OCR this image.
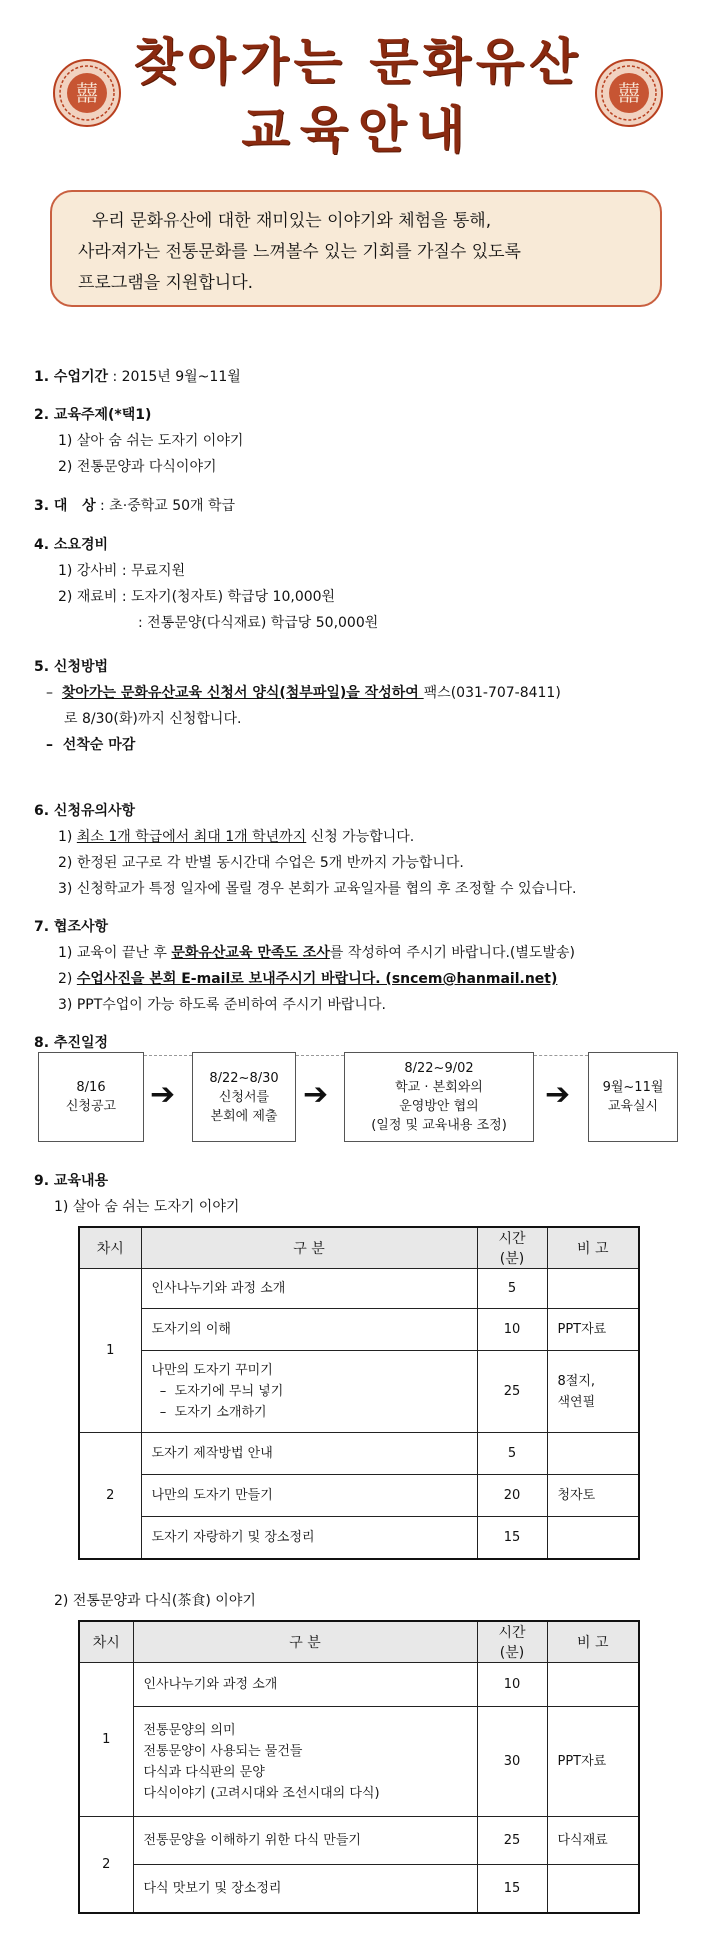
囍	囍
찾아가는 문화유산
교육안내
우리 문화유산에 대한 재미있는 이야기와 체험을 통해,
사라져가는 전통문화를 느껴볼수 있는 기회를 가질수 있도록
프로그램을 지원합니다.
1. 수업기간 : 2015년 9월~11월
2. 교육주제(*택1)
1) 살아 숨 쉬는 도자기 이야기
2) 전통문양과 다식이야기
3. 대   상 : 초·중학교 50개 학급
4. 소요경비
1) 강사비 : 무료지원
2) 재료비 : 도자기(청자토) 학급당 10,000원
: 전통문양(다식재료) 학급당 50,000원
5. 신청방법
–  찾아가는 문화유산교육 신청서 양식(첨부파일)을 작성하여 팩스(031-707-8411)
로 8/30(화)까지 신청합니다.
–  선착순 마감
6. 신청유의사항
1) 최소 1개 학급에서 최대 1개 학년까지 신청 가능합니다.
2) 한정된 교구로 각 반별 동시간대 수업은 5개 반까지 가능합니다.
3) 신청학교가 특정 일자에 몰릴 경우 본회가 교육일자를 협의 후 조정할 수 있습니다.
7. 협조사항
1) 교육이 끝난 후 문화유산교육 만족도 조사를 작성하여 주시기 바랍니다.(별도발송)
2) 수업사진을 본회 E-mail로 보내주시기 바랍니다. (sncem@hanmail.net)
3) PPT수업이 가능 하도록 준비하여 주시기 바랍니다.
8. 추진일정
8/16
신청공고 ➔	8/22~8/30
신청서를
본회에 제출
➔
8/22~9/02
학교 · 본회와의
운영방안 협의
(일정 및 교육내용 조정)
➔ 9월~11월
교육실시
9. 교육내용
1) 살아 숨 쉬는 도자기 이야기
차시	구 분	시간(분)	비 고
1	인사나누기와 과정 소개	5	

	도자기의 이해	10	PPT자료

	나만의 도자기 꾸미기
–  도자기에 무늬 넣기
–  도자기 소개하기	25	8절지,
색연필

2	도자기 제작방법 안내	5	

	나만의 도자기 만들기	20	청자토

	도자기 자랑하기 및 장소정리	15	
2) 전통문양과 다식(茶食) 이야기
차시	구 분	시간(분)	비 고
1	인사나누기와 과정 소개	10	

	전통문양의 의미
전통문양이 사용되는 물건들
다식과 다식판의 문양
다식이야기 (고려시대와 조선시대의 다식)	30	PPT자료

2	전통문양을 이해하기 위한 다식 만들기	25	다식재료

	다식 맛보기 및 장소정리	15	
